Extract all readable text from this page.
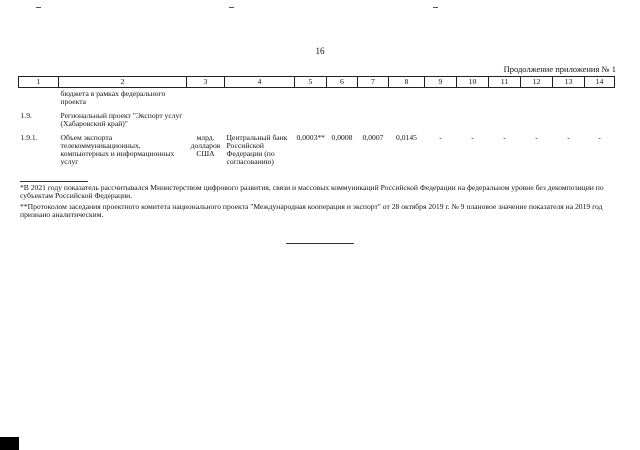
16
Продолжение приложения № 1
1	2	3	4	5	6	7	8	9	10	11	12	13	14
	бюджета в рамках федерального проекта												
1.9.	Региональный проект "Экспорт услуг (Хабаровский край)"												
1.9.1.	Объем экспорта телекоммуникационных, компьютерных и информационных услуг	млрд. долларов США	Центральный банк Российской Федерации (по согласованию)	0,0003**	0,0008	0,0007	0,0145	-	-	-	-	-	-
*В 2021 году показатель рассчитывался Министерством цифрового развития, связи и массовых коммуникаций Российской Федерации на федеральном уровне без декомпозиции по субъектам Российской Федерации.
**Протоколом заседания проектного комитета национального проекта "Международная кооперация и экспорт" от 28 октября 2019 г. № 9 плановое значение показателя на 2019 год признано аналитическим.
